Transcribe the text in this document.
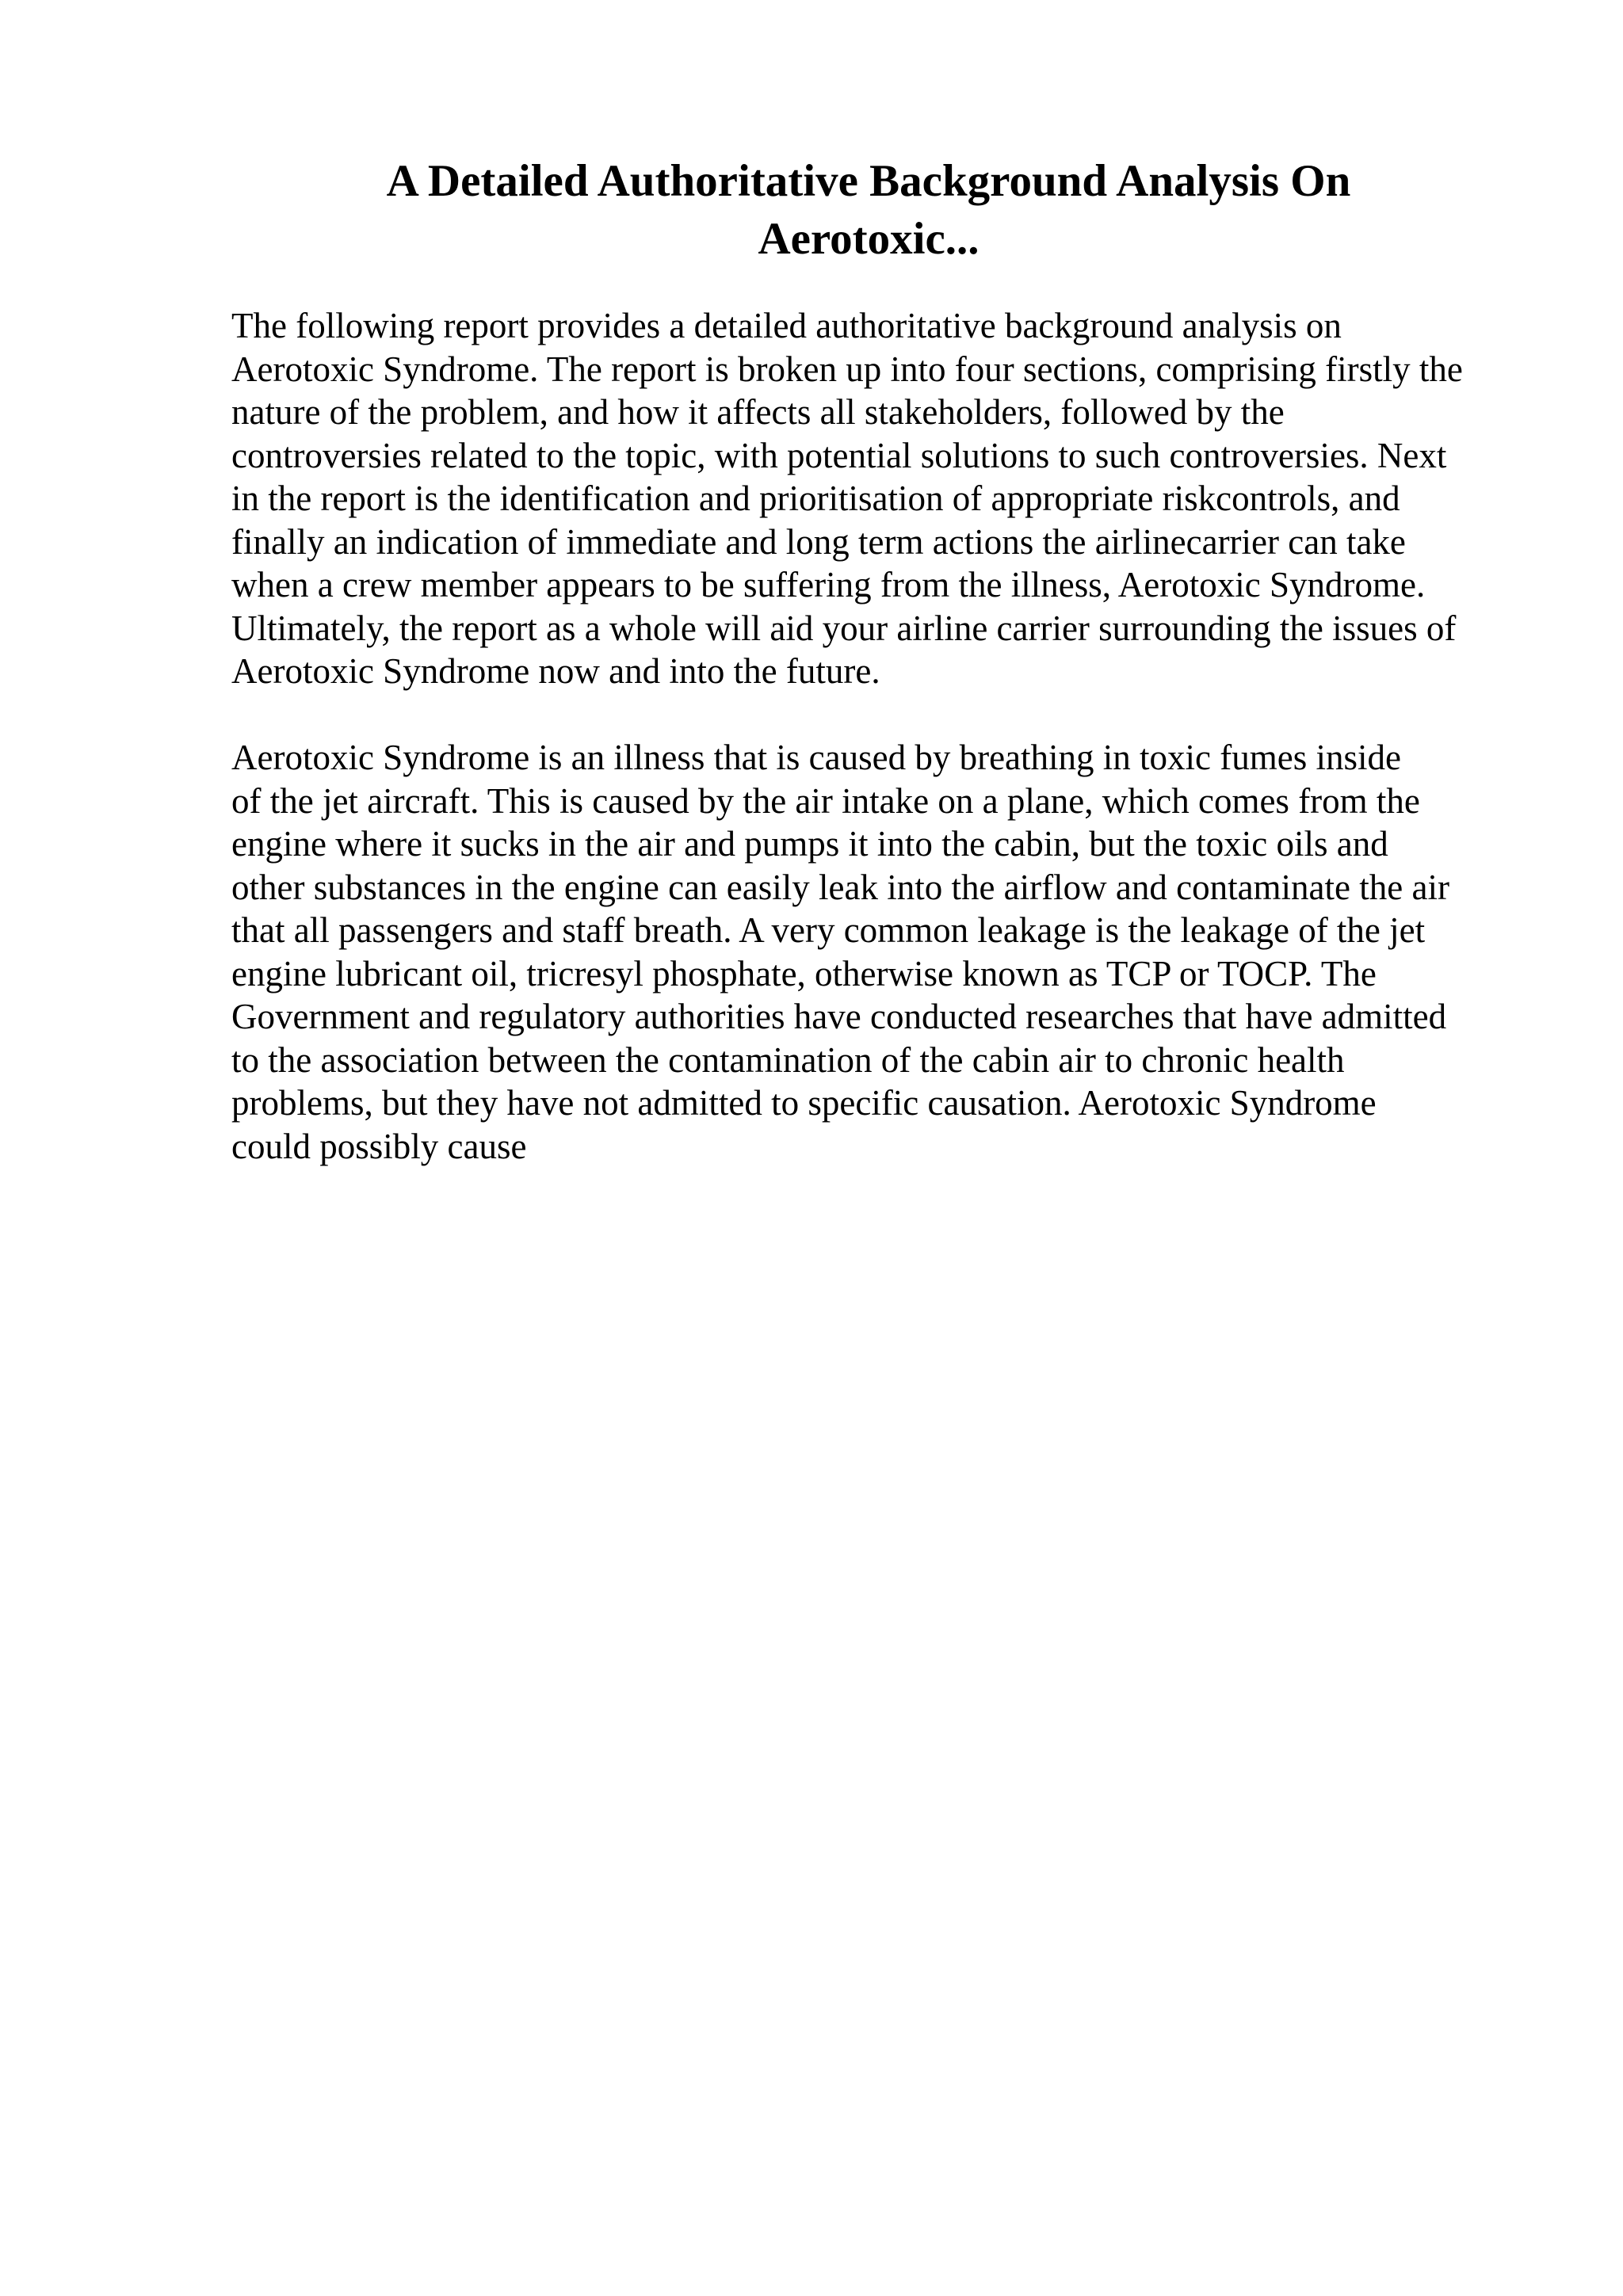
A Detailed Authoritative Background Analysis On
Aerotoxic...

The following report provides a detailed authoritative background analysis on
Aerotoxic Syndrome. The report is broken up into four sections, comprising firstly the
nature of the problem, and how it affects all stakeholders, followed by the
controversies related to the topic, with potential solutions to such controversies. Next
in the report is the identification and prioritisation of appropriate riskcontrols, and
finally an indication of immediate and long term actions the airlinecarrier can take
when a crew member appears to be suffering from the illness, Aerotoxic Syndrome.
Ultimately, the report as a whole will aid your airline carrier surrounding the issues of
Aerotoxic Syndrome now and into the future.

Aerotoxic Syndrome is an illness that is caused by breathing in toxic fumes inside
of the jet aircraft. This is caused by the air intake on a plane, which comes from the
engine where it sucks in the air and pumps it into the cabin, but the toxic oils and
other substances in the engine can easily leak into the airflow and contaminate the air
that all passengers and staff breath. A very common leakage is the leakage of the jet
engine lubricant oil, tricresyl phosphate, otherwise known as TCP or TOCP. The
Government and regulatory authorities have conducted researches that have admitted
to the association between the contamination of the cabin air to chronic health
problems, but they have not admitted to specific causation. Aerotoxic Syndrome
could possibly cause
